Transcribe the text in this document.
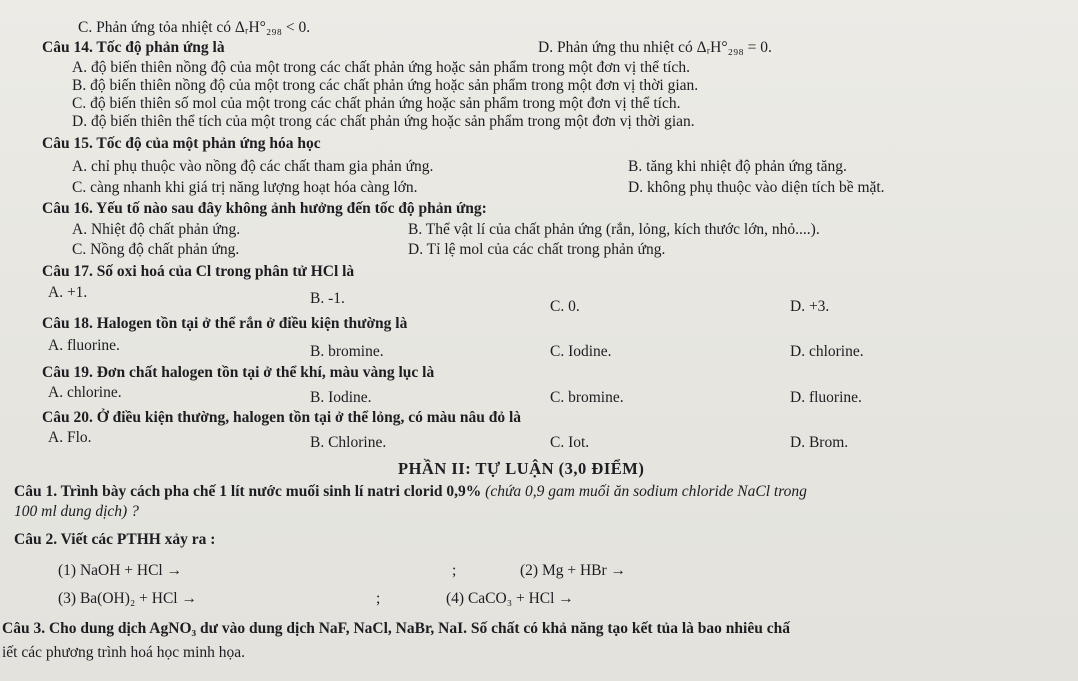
C. Phản ứng tỏa nhiệt có ΔᵣH°₂₉₈ < 0.
Câu 14. Tốc độ phản ứng là	D. Phản ứng thu nhiệt có ΔᵣH°₂₉₈ = 0.
A. độ biến thiên nồng độ của một trong các chất phản ứng hoặc sản phẩm trong một đơn vị thể tích.
B. độ biến thiên nồng độ của một trong các chất phản ứng hoặc sản phẩm trong một đơn vị thời gian.
C. độ biến thiên số mol của một trong các chất phản ứng hoặc sản phẩm trong một đơn vị thể tích.
D. độ biến thiên thể tích của một trong các chất phản ứng hoặc sản phẩm trong một đơn vị thời gian.
Câu 15. Tốc độ của một phản ứng hóa học
A. chỉ phụ thuộc vào nồng độ các chất tham gia phản ứng.	B. tăng khi nhiệt độ phản ứng tăng.
C. càng nhanh khi giá trị năng lượng hoạt hóa càng lớn.	D. không phụ thuộc vào diện tích bề mặt.
Câu 16. Yếu tố nào sau đây không ảnh hưởng đến tốc độ phản ứng:
A. Nhiệt độ chất phản ứng.	B. Thể vật lí của chất phản ứng (rắn, lỏng, kích thước lớn, nhỏ....).
C. Nồng độ chất phản ứng.	D. Tỉ lệ mol của các chất trong phản ứng.
Câu 17. Số oxi hoá của Cl trong phân tử HCl là
A. +1.	B. -1.	C. 0.	D. +3.
Câu 18. Halogen tồn tại ở thể rắn ở điều kiện thường là
A. fluorine.	B. bromine.	C. Iodine.	D. chlorine.
Câu 19. Đơn chất halogen tồn tại ở thể khí, màu vàng lục là
A. chlorine.	B. Iodine.	C. bromine.	D. fluorine.
Câu 20. Ở điều kiện thường, halogen tồn tại ở thể lỏng, có màu nâu đỏ là
A. Flo.	B. Chlorine.	C. Iot.	D. Brom.
PHẦN II: TỰ LUẬN (3,0 ĐIỂM)
Câu 1. Trình bày cách pha chế 1 lít nước muối sinh lí natri clorid 0,9% (chứa 0,9 gam muối ăn sodium chloride NaCl trong
100 ml dung dịch) ?
Câu 2. Viết các PTHH xảy ra :
(1) NaOH + HCl →	;	(2) Mg + HBr →
(3) Ba(OH)₂ + HCl →	;	(4) CaCO₃ + HCl →
Câu 3. Cho dung dịch AgNO₃ dư vào dung dịch NaF, NaCl, NaBr, NaI. Số chất có khả năng tạo kết tủa là bao nhiêu chấ
iết các phương trình hoá học minh họa.
